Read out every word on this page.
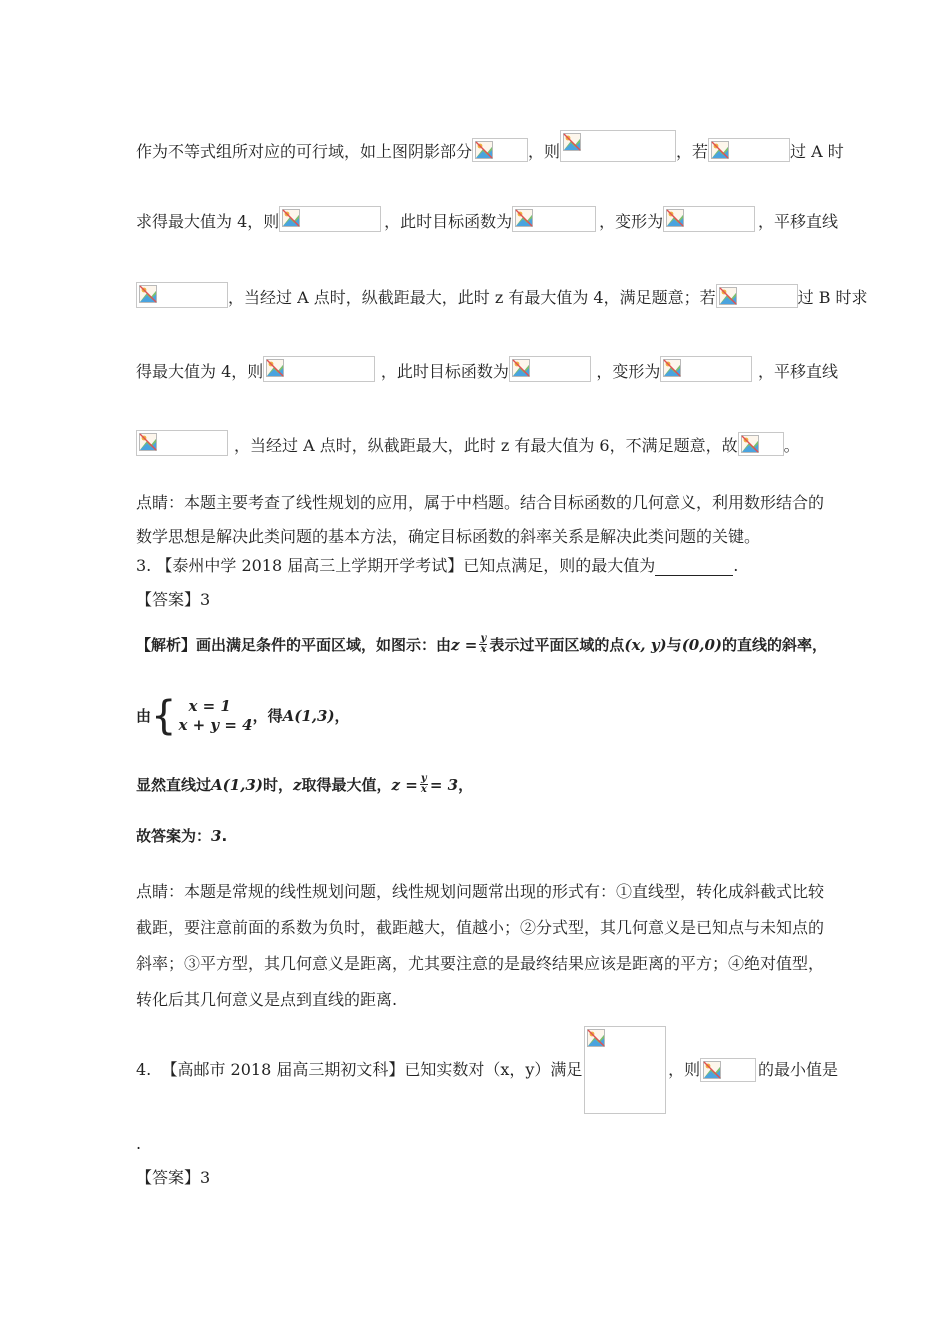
作为不等式组所对应的可行域，如上图阴影部分	，则	，若	过 A 时
求得最大值为 4，则	，此时目标函数为	，变形为	，平移直线
，当经过 A 点时，纵截距最大，此时 z 有最大值为 4，满足题意；若	过 B 时求
得最大值为 4，则	，此时目标函数为	，变形为	，平移直线
，当经过 A 点时，纵截距最大，此时 z 有最大值为 6，不满足题意，故	。
点睛：本题主要考查了线性规划的应用，属于中档题。结合目标函数的几何意义，利用数形结合的
数学思想是解决此类问题的基本方法，确定目标函数的斜率关系是解决此类问题的关键。
3. 【泰州中学 2018 届高三上学期开学考试】已知点满足，则的最大值为	.
【答案】3
【解析】 画出满足条件的平面区域，如图示：由 $z = \frac{y}{x}$ 表示过平面区域的点 (x, y) 与 (0,0) 的直线的斜率，
由 { x = 1
x + y = 4 ，得 A(1,3) ，
显然直线过 A(1,3) 时， z 取得最大值， $z = \frac{y}{x} = 3$ ，
故答案为：3.
点睛：本题是常规的线性规划问题，线性规划问题常出现的形式有：①直线型，转化成斜截式比较
截距，要注意前面的系数为负时，截距越大，值越小；②分式型，其几何意义是已知点与未知点的
斜率；③平方型，其几何意义是距离，尤其要注意的是最终结果应该是距离的平方；④绝对值型，
转化后其几何意义是点到直线的距离.
4. 【高邮市 2018 届高三期初文科】已知实数对（x，y）满足	，则	的最小值是
.
【答案】3
